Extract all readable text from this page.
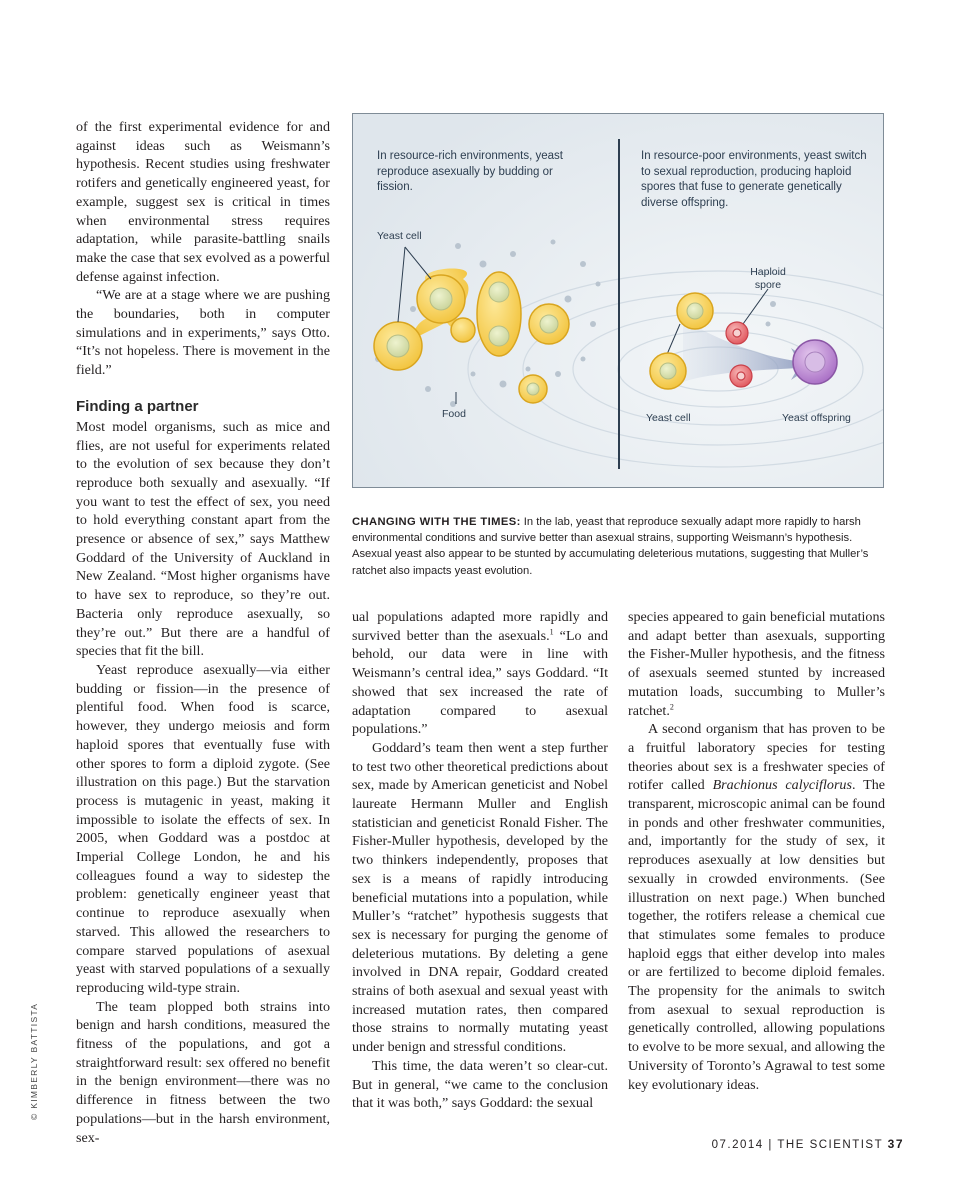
of the first experimental evidence for and against ideas such as Weismann’s hypothesis. Recent studies using freshwater rotifers and genetically engineered yeast, for example, suggest sex is critical in times when environmental stress requires adaptation, while parasite-battling snails make the case that sex evolved as a powerful defense against infection.

“We are at a stage where we are pushing the boundaries, both in computer simulations and in experiments,” says Otto. “It’s not hopeless. There is movement in the field.”

Finding a partner

Most model organisms, such as mice and flies, are not useful for experiments related to the evolution of sex because they don’t reproduce both sexually and asexually. “If you want to test the effect of sex, you need to hold everything constant apart from the presence or absence of sex,” says Matthew Goddard of the University of Auckland in New Zealand. “Most higher organisms have to have sex to reproduce, so they’re out. Bacteria only reproduce asexually, so they’re out.” But there are a handful of species that fit the bill.

Yeast reproduce asexually—via either budding or fission—in the presence of plentiful food. When food is scarce, however, they undergo meiosis and form haploid spores that eventually fuse with other spores to form a diploid zygote. (See illustration on this page.) But the starvation process is mutagenic in yeast, making it impossible to isolate the effects of sex. In 2005, when Goddard was a postdoc at Imperial College London, he and his colleagues found a way to sidestep the problem: genetically engineer yeast that continue to reproduce asexually when starved. This allowed the researchers to compare starved populations of asexual yeast with starved populations of a sexually reproducing wild-type strain.

The team plopped both strains into benign and harsh conditions, measured the fitness of the populations, and got a straightforward result: sex offered no benefit in the benign environment—there was no difference in fitness between the two populations—but in the harsh environment, sex-

In resource-rich environments, yeast reproduce asexually by budding or fission.
In resource-poor environments, yeast switch to sexual reproduction, producing haploid spores that fuse to generate genetically diverse offspring.
Yeast cell
Food
Haploid spore
Yeast cell	Yeast offspring
CHANGING WITH THE TIMES: In the lab, yeast that reproduce sexually adapt more rapidly to harsh environmental conditions and survive better than asexual strains, supporting Weismann’s hypothesis. Asexual yeast also appear to be stunted by accumulating deleterious mutations, suggesting that Muller’s ratchet also impacts yeast evolution.

ual populations adapted more rapidly and survived better than the asexuals.$^1$ “Lo and behold, our data were in line with Weismann’s central idea,” says Goddard. “It showed that sex increased the rate of adaptation compared to asexual populations.”

Goddard’s team then went a step further to test two other theoretical predictions about sex, made by American geneticist and Nobel laureate Hermann Muller and English statistician and geneticist Ronald Fisher. The Fisher-Muller hypothesis, developed by the two thinkers independently, proposes that sex is a means of rapidly introducing beneficial mutations into a population, while Muller’s “ratchet” hypothesis suggests that sex is necessary for purging the genome of deleterious mutations. By deleting a gene involved in DNA repair, Goddard created strains of both asexual and sexual yeast with increased mutation rates, then compared those strains to normally mutating yeast under benign and stressful conditions.

This time, the data weren’t so clear-cut. But in general, “we came to the conclusion that it was both,” says Goddard: the sexual

species appeared to gain beneficial mutations and adapt better than asexuals, supporting the Fisher-Muller hypothesis, and the fitness of asexuals seemed stunted by increased mutation loads, succumbing to Muller’s ratchet.$^2$

A second organism that has proven to be a fruitful laboratory species for testing theories about sex is a freshwater species of rotifer called Brachionus calyciflorus. The transparent, microscopic animal can be found in ponds and other freshwater communities, and, importantly for the study of sex, it reproduces asexually at low densities but sexually in crowded environments. (See illustration on next page.) When bunched together, the rotifers release a chemical cue that stimulates some females to produce haploid eggs that either develop into males or are fertilized to become diploid females. The propensity for the animals to switch from asexual to sexual reproduction is genetically controlled, allowing populations to evolve to be more sexual, and allowing the University of Toronto’s Agrawal to test some key evolutionary ideas.

© KIMBERLY BATTISTA
07.2014 | THE SCIENTIST 37
